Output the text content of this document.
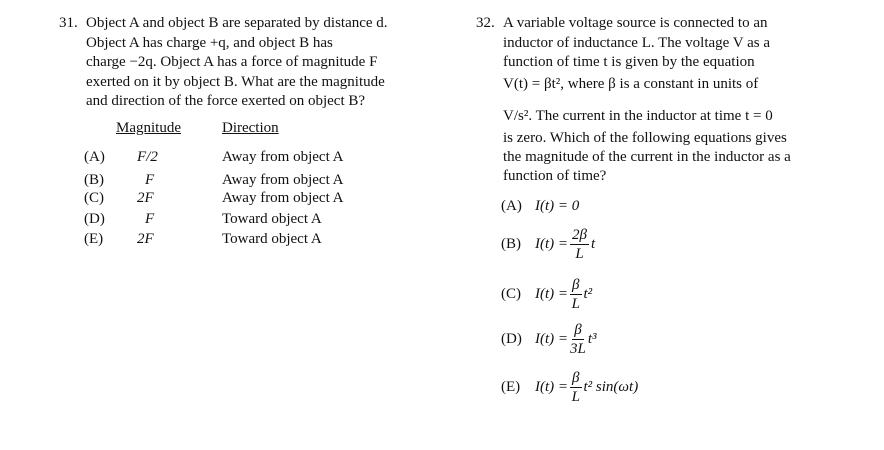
31. Object A and object B are separated by distance d.
Object A has charge +q, and object B has
charge −2q. Object A has a force of magnitude F
exerted on it by object B. What are the magnitude
and direction of the force exerted on object B?
Magnitude	Direction
(A) F/2	Away from object A
(B)	F	Away from object A
(C) 2F	Away from object A
(D)	F	Toward object A
(E) 2F	Toward object A
32. A variable voltage source is connected to an
inductor of inductance L. The voltage V as a
function of time t is given by the equation
V(t) = βt², where β is a constant in units of
V/s². The current in the inductor at time t = 0
is zero. Which of the following equations gives
the magnitude of the current in the inductor as a
function of time?
(A) I(t) = 0
(B) $I(t) = \frac{2\beta}{L}$ t
(C) $I(t) = \frac{\beta}{L} t^2$
(D) $I(t) = \frac{\beta}{3L} t^3$
(E) $I(t) = \frac{\beta}{L} t^2$ sin(ωt)
